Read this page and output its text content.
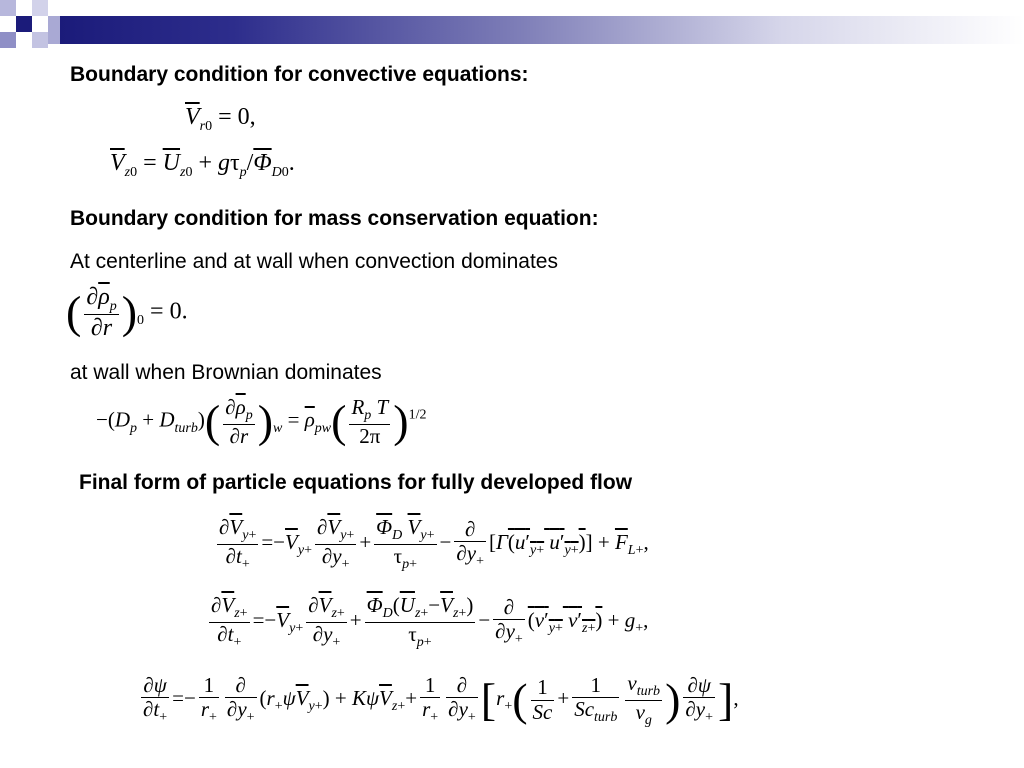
Boundary condition for convective equations:
$\overline{V}_{r0} = 0$,
$\overline{V}_{z0} = \overline{U}_{z0} + g\tau_p/\overline{\Phi}_{D0}$.
Boundary condition for mass conservation equation:
At centerline and at wall when convection dominates
( $\frac{\partial\overline{\rho}_p}{\partial r} )_0 = 0$.
at wall when Brownian dominates
$-(D_p + D_{turb})( \frac{\partial\overline{\rho}_p}{\partial r} )_w = \overline{\rho}_{pw}( \frac{R_p T}{2\pi} )^{1/2}$
Final form of particle equations for fully developed flow
$\frac{\partial\overline{V}_{y+}}{\partial t_+} =-\overline{V}_{y+} \frac{\partial\overline{V}_{y+}}{\partial y_+} + \frac{\overline{\Phi}_D \overline{V}_{y+}}{\tau_{p+}} - \frac{\partial}{\partial y_+} [\Gamma(u'_{y+}$ $u'_{y+})] + \overline{F}_{L+}$,
$\frac{\partial\overline{V}_{z+}}{\partial t_+} =-\overline{V}_{y+} \frac{\partial\overline{V}_{z+}}{\partial y_+} + \frac{\overline{\Phi}_D(\overline{U}_{z+}-\overline{V}_{z+})}{\tau_{p+}} - \frac{\partial}{\partial y_+} (v'_{y+}$ $v'_{z+}) + g_+$,
$\frac{\partial\psi}{\partial t_+} =- \frac{1}{r_+} \frac{\partial}{\partial y_+} (r_+\psi\overline{V}_{y+}) + K\psi\overline{V}_{z+}+ \frac{1}{r_+} \frac{\partial}{\partial y_+} [r_+( \frac{1}{Sc} + \frac{1}{Sc_{turb}} \frac{\nu_{turb}}{\nu_g}$ ) $\frac{\partial\psi}{\partial y_+}$ ],
